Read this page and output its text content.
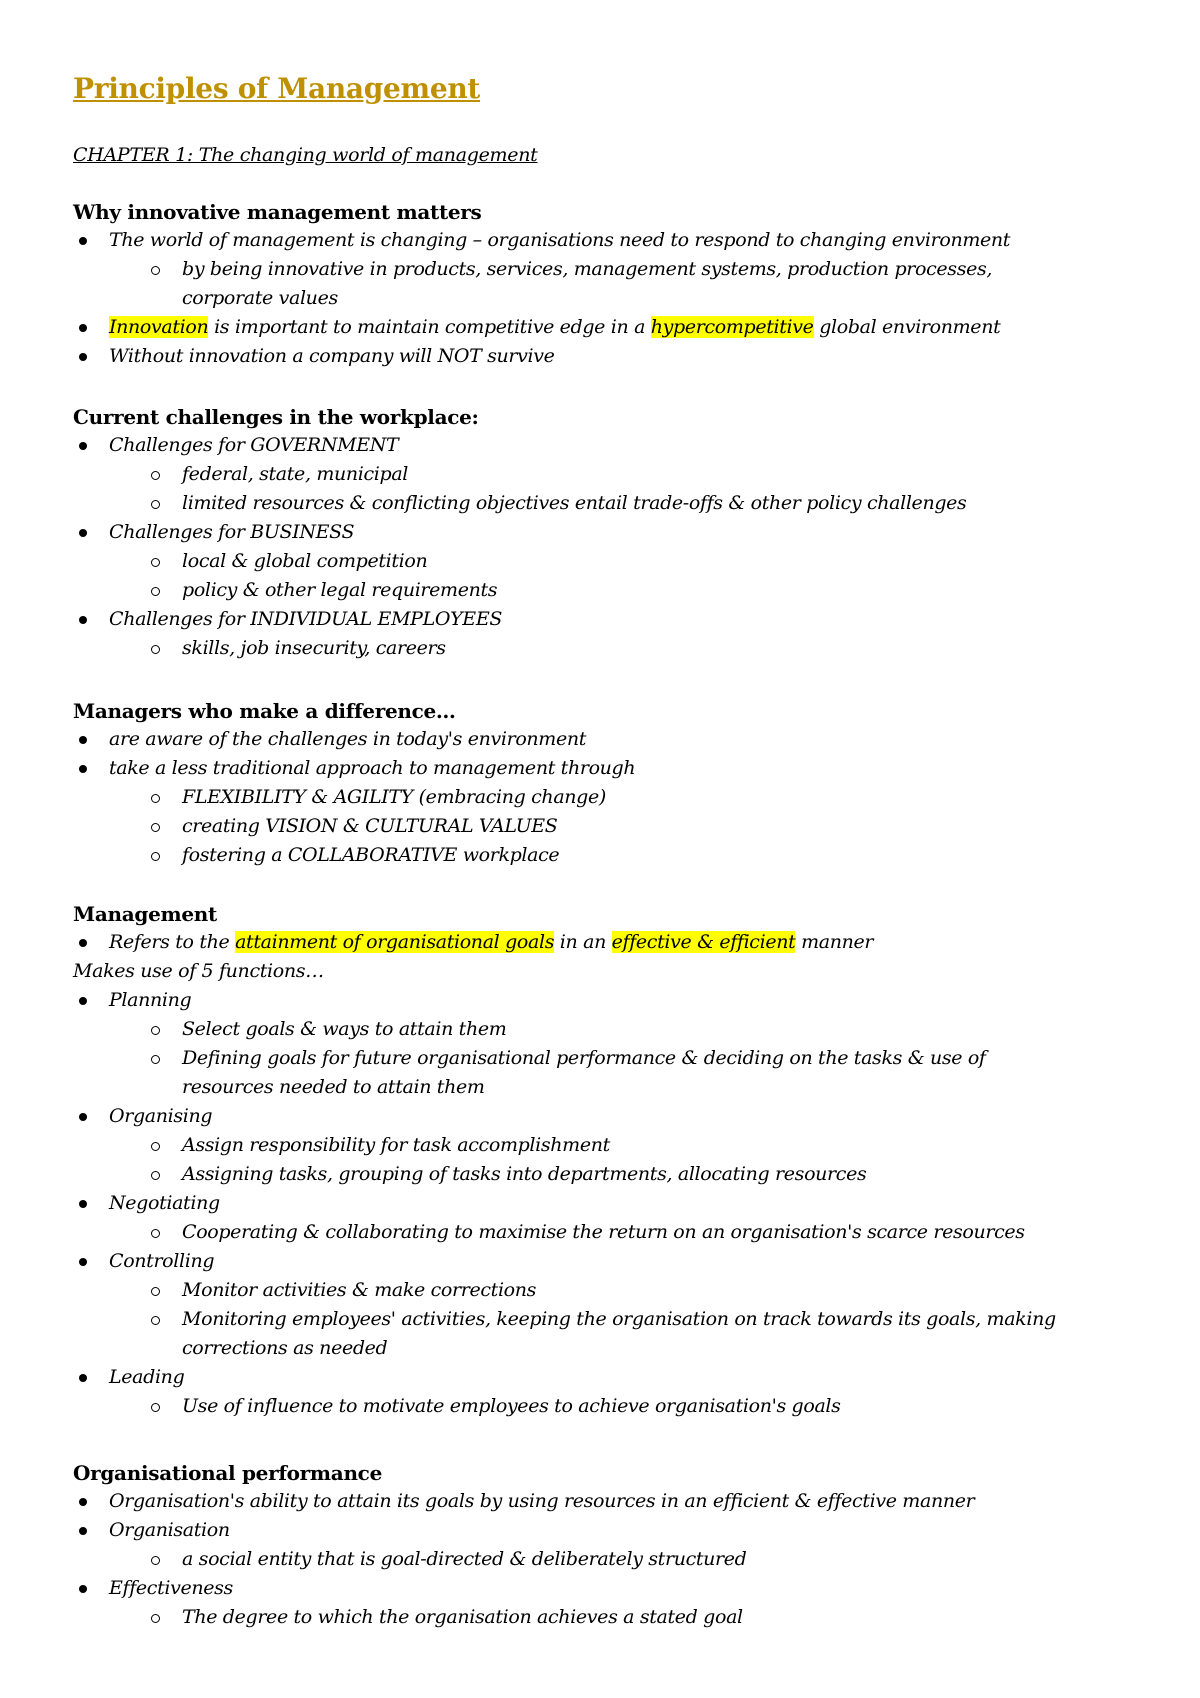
Principles of Management
CHAPTER 1: The changing world of management
Why innovative management matters
The world of management is changing – organisations need to respond to changing environment
by being innovative in products, services, management systems, production processes,
corporate values
Innovation is important to maintain competitive edge in a hypercompetitive global environment
Without innovation a company will NOT survive
Current challenges in the workplace:
Challenges for GOVERNMENT
federal, state, municipal
limited resources & conflicting objectives entail trade-offs & other policy challenges
Challenges for BUSINESS
local & global competition
policy & other legal requirements
Challenges for INDIVIDUAL EMPLOYEES
skills, job insecurity, careers
Managers who make a difference…
are aware of the challenges in today's environment
take a less traditional approach to management through
FLEXIBILITY & AGILITY (embracing change)
creating VISION & CULTURAL VALUES
fostering a COLLABORATIVE workplace
Management
Refers to the attainment of organisational goals in an effective & efficient manner
Makes use of 5 functions…
Planning
Select goals & ways to attain them
Defining goals for future organisational performance & deciding on the tasks & use of
resources needed to attain them
Organising
Assign responsibility for task accomplishment
Assigning tasks, grouping of tasks into departments, allocating resources
Negotiating
Cooperating & collaborating to maximise the return on an organisation's scarce resources
Controlling
Monitor activities & make corrections
Monitoring employees' activities, keeping the organisation on track towards its goals, making
corrections as needed
Leading
Use of influence to motivate employees to achieve organisation's goals
Organisational performance
Organisation's ability to attain its goals by using resources in an efficient & effective manner
Organisation
a social entity that is goal-directed & deliberately structured
Effectiveness
The degree to which the organisation achieves a stated goal
